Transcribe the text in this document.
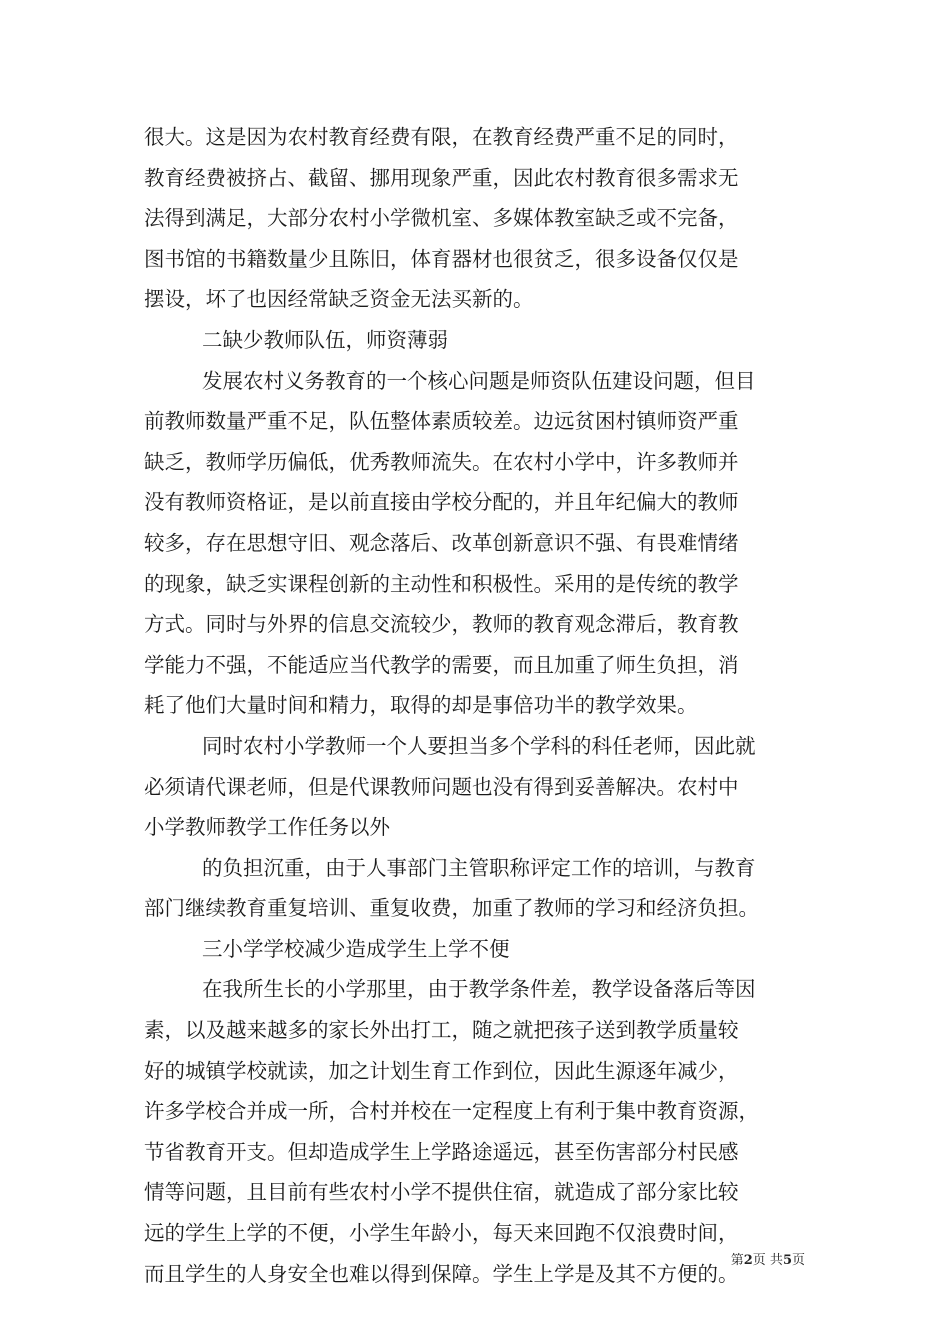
很大。这是因为农村教育经费有限，在教育经费严重不足的同时，
教育经费被挤占、截留、挪用现象严重，因此农村教育很多需求无
法得到满足，大部分农村小学微机室、多媒体教室缺乏或不完备，
图书馆的书籍数量少且陈旧，体育器材也很贫乏，很多设备仅仅是
摆设，坏了也因经常缺乏资金无法买新的。
二缺少教师队伍，师资薄弱
发展农村义务教育的一个核心问题是师资队伍建设问题，但目
前教师数量严重不足，队伍整体素质较差。边远贫困村镇师资严重
缺乏，教师学历偏低，优秀教师流失。在农村小学中，许多教师并
没有教师资格证，是以前直接由学校分配的，并且年纪偏大的教师
较多，存在思想守旧、观念落后、改革创新意识不强、有畏难情绪
的现象，缺乏实课程创新的主动性和积极性。采用的是传统的教学
方式。同时与外界的信息交流较少，教师的教育观念滞后，教育教
学能力不强，不能适应当代教学的需要，而且加重了师生负担，消
耗了他们大量时间和精力，取得的却是事倍功半的教学效果。
同时农村小学教师一个人要担当多个学科的科任老师，因此就
必须请代课老师，但是代课教师问题也没有得到妥善解决。农村中
小学教师教学工作任务以外
的负担沉重，由于人事部门主管职称评定工作的培训，与教育
部门继续教育重复培训、重复收费，加重了教师的学习和经济负担。
三小学学校减少造成学生上学不便
在我所生长的小学那里，由于教学条件差，教学设备落后等因
素，以及越来越多的家长外出打工，随之就把孩子送到教学质量较
好的城镇学校就读，加之计划生育工作到位，因此生源逐年减少，
许多学校合并成一所，合村并校在一定程度上有利于集中教育资源，
节省教育开支。但却造成学生上学路途遥远，甚至伤害部分村民感
情等问题，且目前有些农村小学不提供住宿，就造成了部分家比较
远的学生上学的不便，小学生年龄小，每天来回跑不仅浪费时间，
而且学生的人身安全也难以得到保障。学生上学是及其不方便的。
第2页 共5页
